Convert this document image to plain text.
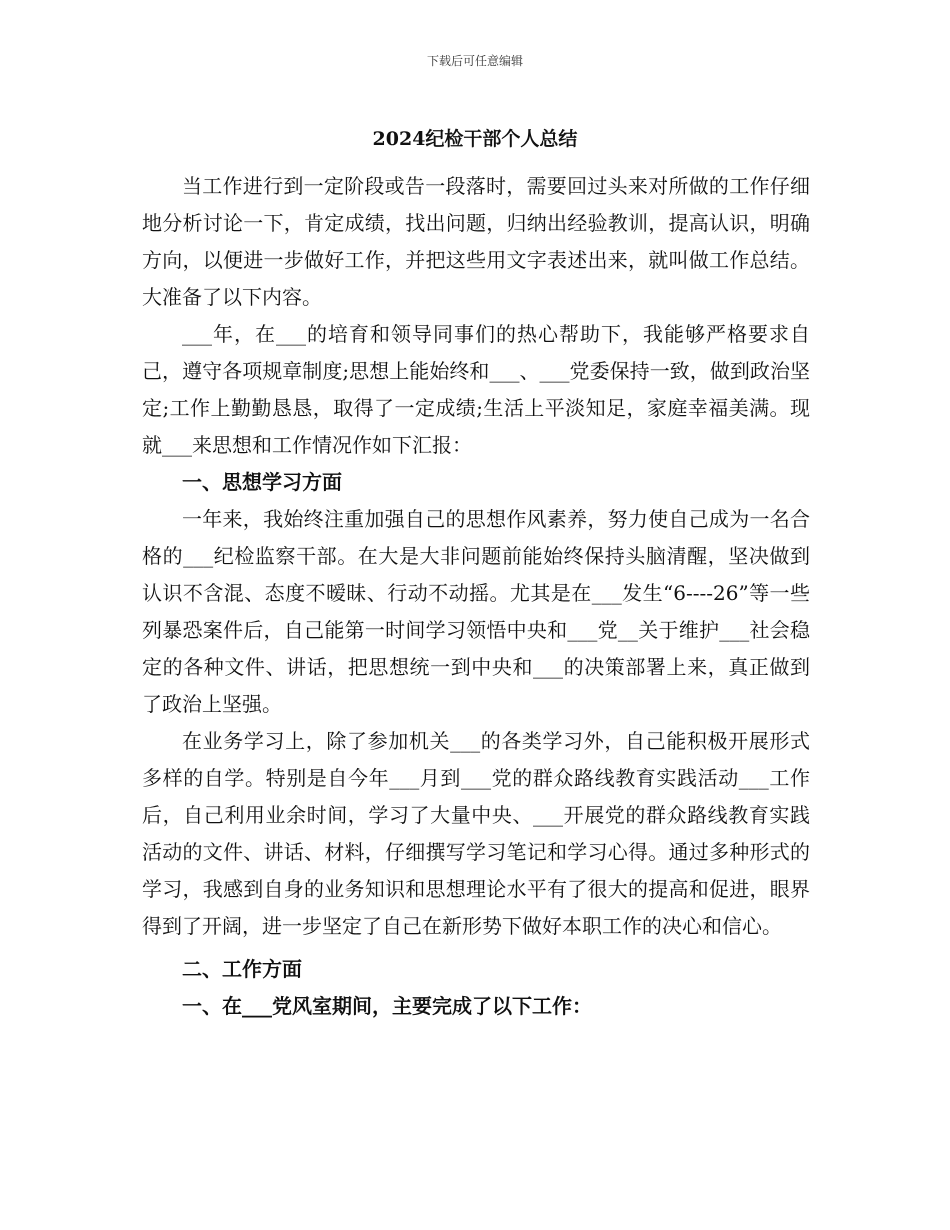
下载后可任意编辑
2024纪检干部个人总结

当工作进行到一定阶段或告一段落时，需要回过头来对所做的工作仔细地分析讨论一下，肯定成绩，找出问题，归纳出经验教训，提高认识，明确方向，以便进一步做好工作，并把这些用文字表述出来，就叫做工作总结。大准备了以下内容。

___年，在___的培育和领导同事们的热心帮助下，我能够严格要求自己，遵守各项规章制度;思想上能始终和___、___党委保持一致，做到政治坚定;工作上勤勤恳恳，取得了一定成绩;生活上平淡知足，家庭幸福美满。现就___来思想和工作情况作如下汇报：

一、思想学习方面

一年来，我始终注重加强自己的思想作风素养，努力使自己成为一名合格的___纪检监察干部。在大是大非问题前能始终保持头脑清醒，坚决做到认识不含混、态度不暧昧、行动不动摇。尤其是在___发生“6----26”等一些列暴恐案件后，自己能第一时间学习领悟中央和___党__关于维护___社会稳定的各种文件、讲话，把思想统一到中央和___的决策部署上来，真正做到了政治上坚强。

在业务学习上，除了参加机关___的各类学习外，自己能积极开展形式多样的自学。特别是自今年___月到___党的群众路线教育实践活动___工作后，自己利用业余时间，学习了大量中央、___开展党的群众路线教育实践活动的文件、讲话、材料，仔细撰写学习笔记和学习心得。通过多种形式的学习，我感到自身的业务知识和思想理论水平有了很大的提高和促进，眼界得到了开阔，进一步坚定了自己在新形势下做好本职工作的决心和信心。

二、工作方面

一、在___党风室期间，主要完成了以下工作：
